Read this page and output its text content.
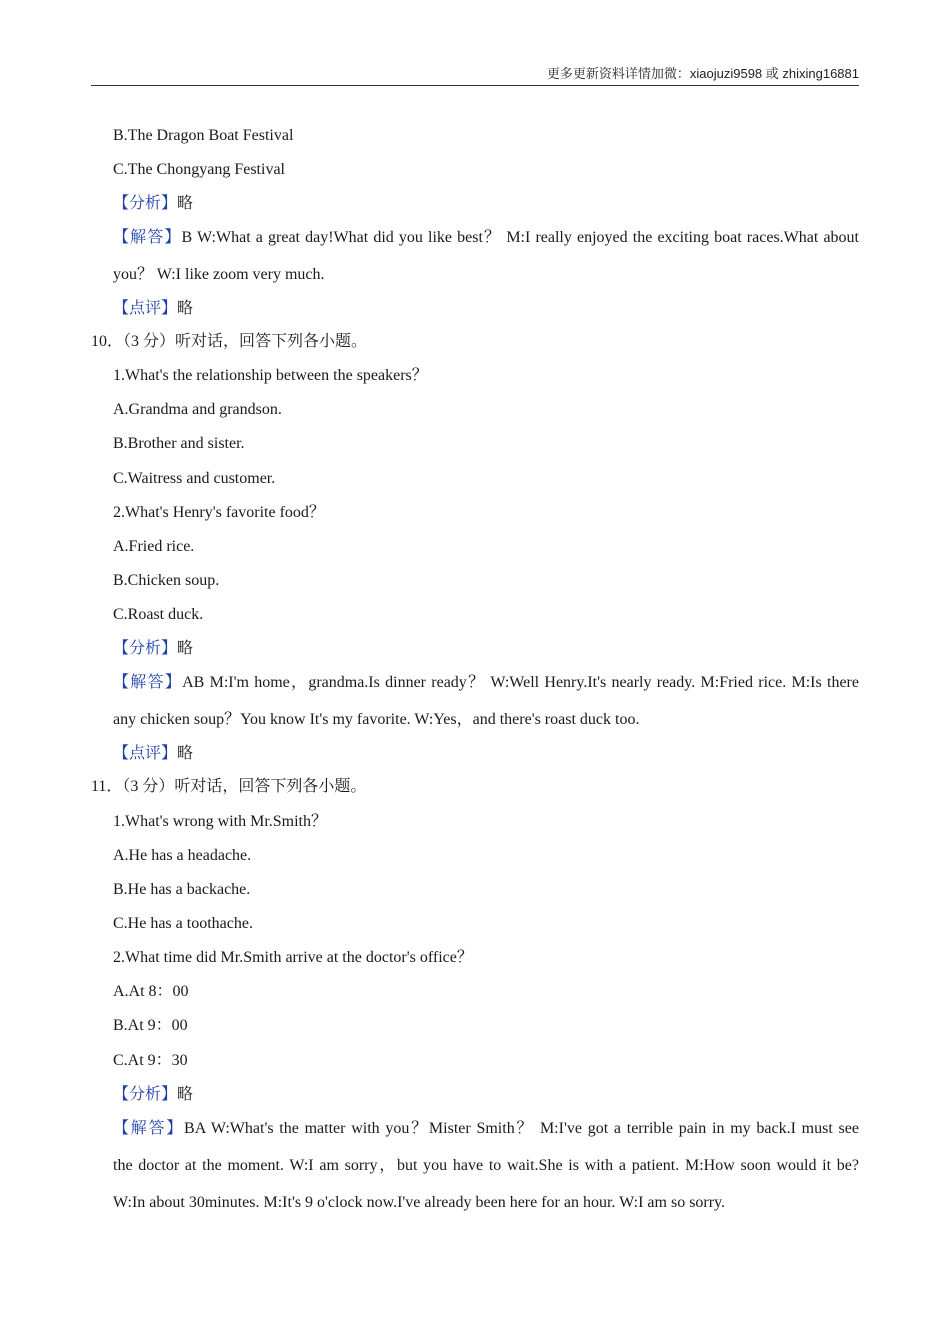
更多更新资料详情加微：xiaojuzi9598 或 zhixing16881
B.The Dragon Boat Festival
C.The Chongyang Festival
【分析】略
【解答】B W:What a great day!What did you like best？ M:I really enjoyed the exciting boat races.What about
you？ W:I like zoom very much.
【点评】略
10．（3 分）听对话，回答下列各小题。
1.What's the relationship between the speakers？
A.Grandma and grandson.
B.Brother and sister.
C.Waitress and customer.
2.What's Henry's favorite food？
A.Fried rice.
B.Chicken soup.
C.Roast duck.
【分析】略
【解答】AB M:I'm home，grandma.Is dinner ready？ W:Well Henry.It's nearly ready. M:Fried rice. M:Is there
any chicken soup？You know It's my favorite. W:Yes，and there's roast duck too.
【点评】略
11．（3 分）听对话，回答下列各小题。
1.What's wrong with Mr.Smith？
A.He has a headache.
B.He has a backache.
C.He has a toothache.
2.What time did Mr.Smith arrive at the doctor's office？
A.At 8：00
B.At 9：00
C.At 9：30
【分析】略
【解答】BA W:What's the matter with you？Mister Smith？ M:I've got a terrible pain in my back.I must see
the doctor at the moment. W:I am sorry，but you have to wait.She is with a patient. M:How soon would it be?
W:In about 30minutes. M:It's 9 o'clock now.I've already been here for an hour. W:I am so sorry.
